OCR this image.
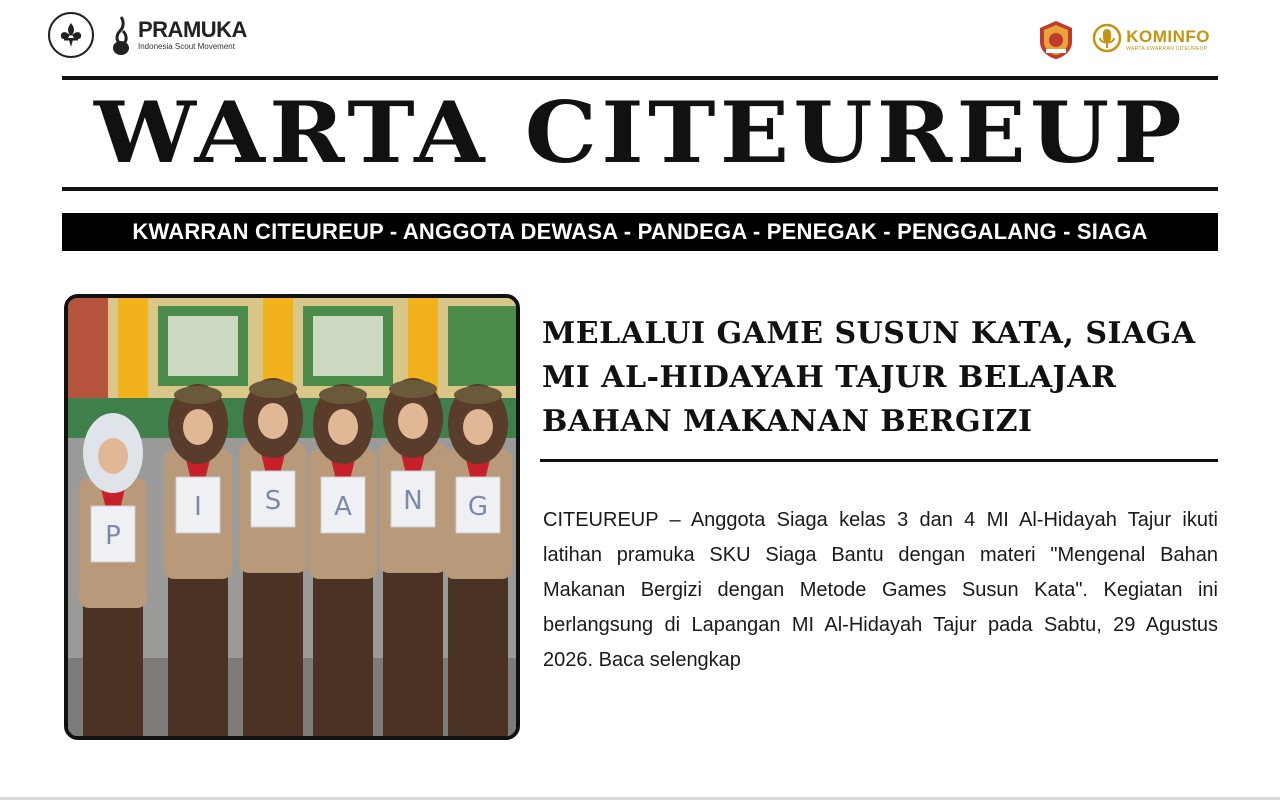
PRAMUKA
Indonesia Scout Movement
KOMINFO
WARTA KWARRAN CITEUREUP
WARTA CITEUREUP
KWARRAN CITEUREUP - ANGGOTA DEWASA - PANDEGA - PENEGAK - PENGGALANG - SIAGA
P
I S A N G
MELALUI GAME SUSUN KATA, SIAGA
MI AL-HIDAYAH TAJUR BELAJAR
BAHAN MAKANAN BERGIZI
CITEUREUP – Anggota Siaga kelas 3 dan 4 MI Al-Hidayah Tajur ikuti latihan pramuka SKU Siaga Bantu dengan materi "Mengenal Bahan Makanan Bergizi dengan Metode Games Susun Kata". Kegiatan ini berlangsung di Lapangan MI Al-Hidayah Tajur pada Sabtu, 29 Agustus 2026. Baca selengkap
